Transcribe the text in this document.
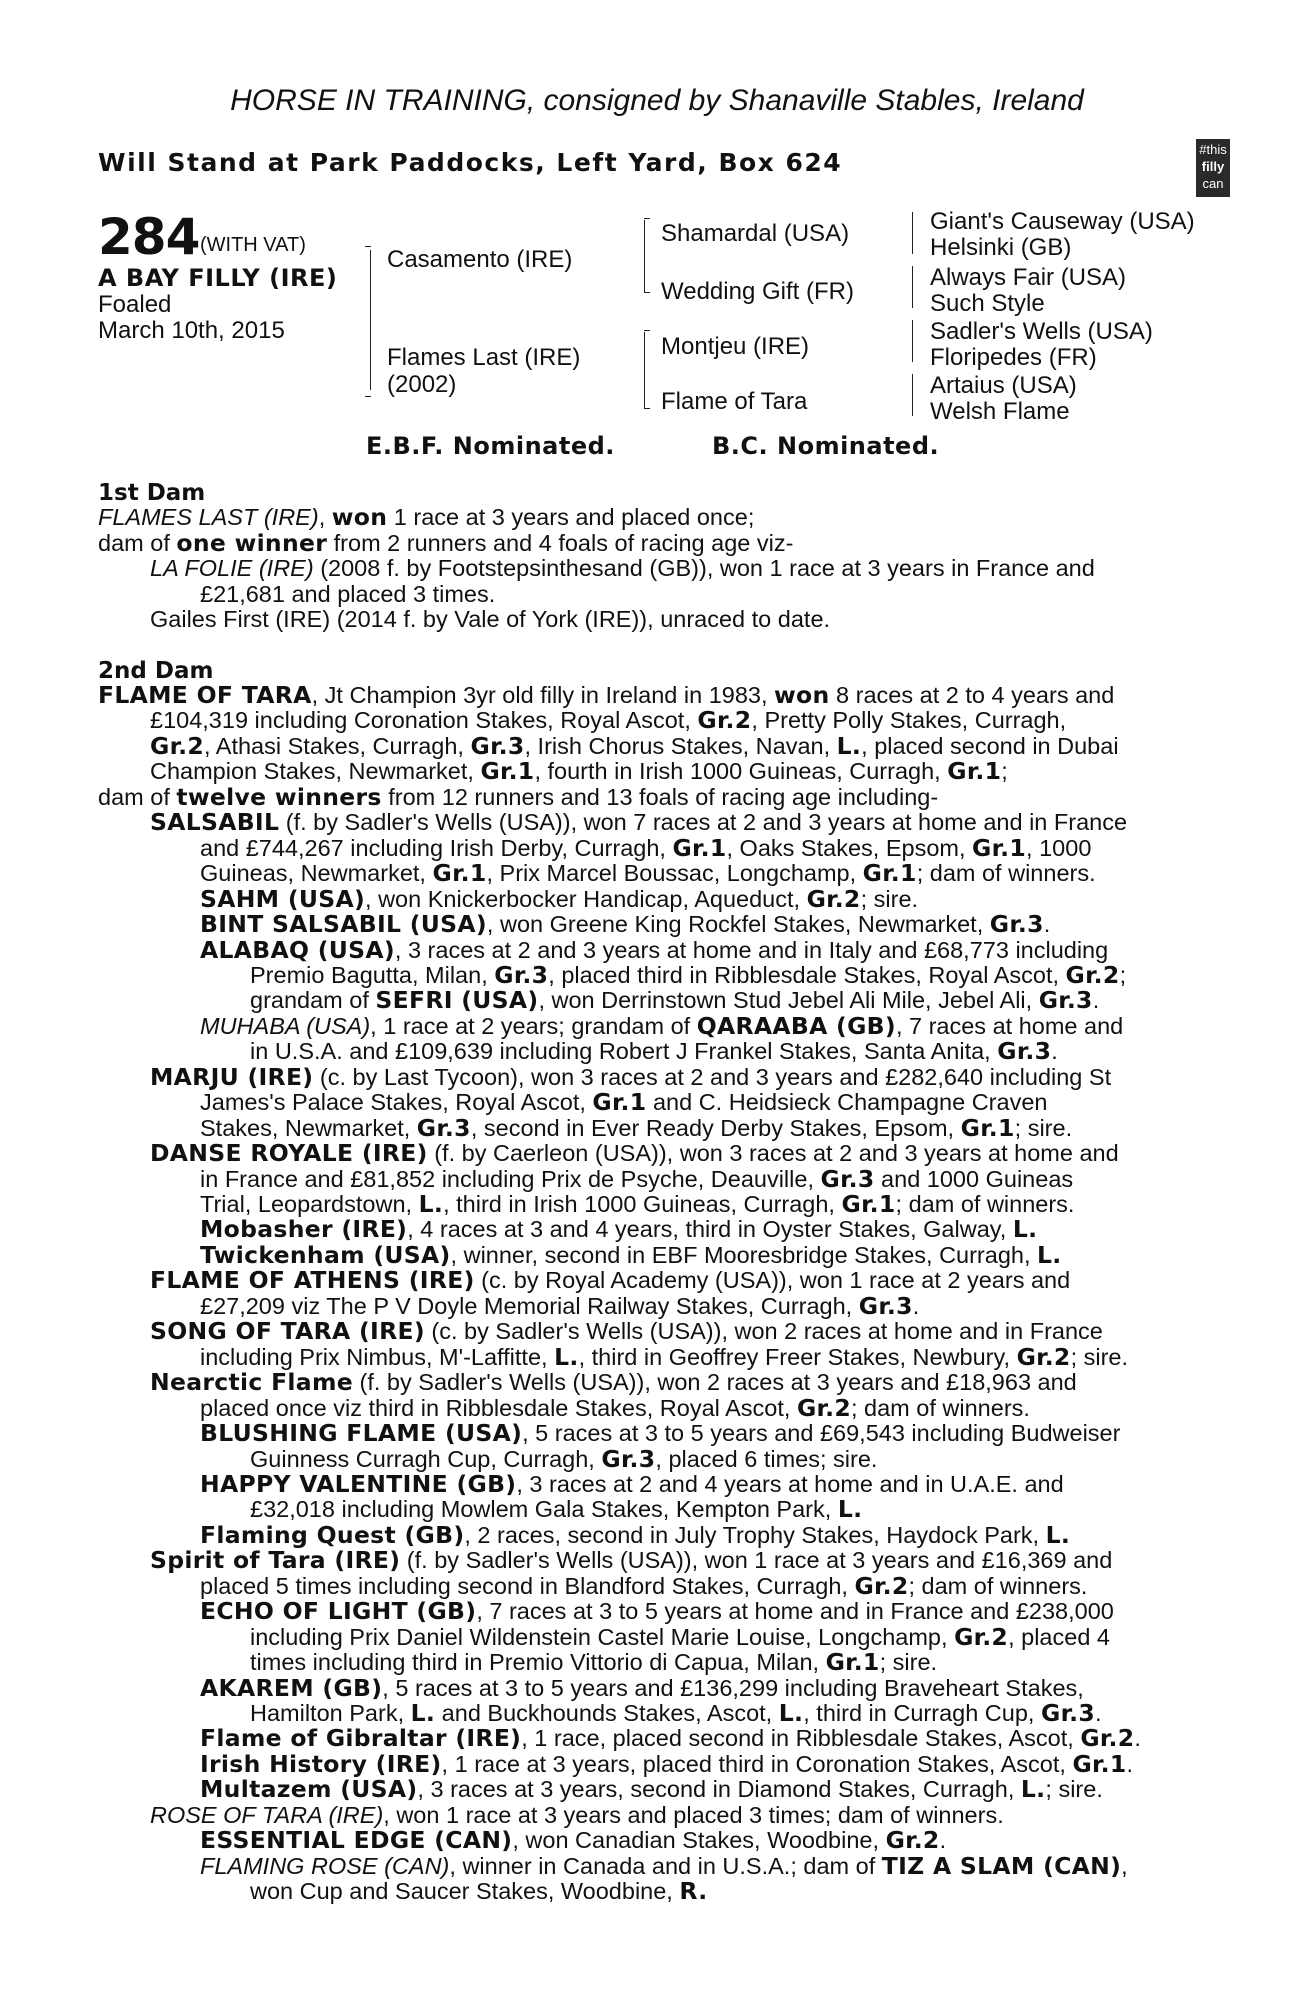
HORSE IN TRAINING, consigned by Shanaville Stables, Ireland
Will Stand at Park Paddocks, Left Yard, Box 624	#this
filly
can
284 (WITH VAT)
A BAY FILLY (IRE)
Foaled
March 10th, 2015
Casamento (IRE)
Flames Last (IRE)
(2002)
Shamardal (USA)
Wedding Gift (FR)
Montjeu (IRE)
Flame of Tara
Giant's Causeway (USA)
Helsinki (GB)
Always Fair (USA)
Such Style
Sadler's Wells (USA)
Floripedes (FR)
Artaius (USA)
Welsh Flame
E.B.F. Nominated.	B.C. Nominated.
1st Dam
FLAMES LAST (IRE), won 1 race at 3 years and placed once;
dam of one winner from 2 runners and 4 foals of racing age viz-
LA FOLIE (IRE) (2008 f. by Footstepsinthesand (GB)), won 1 race at 3 years in France and
£21,681 and placed 3 times.
Gailes First (IRE) (2014 f. by Vale of York (IRE)), unraced to date.
2nd Dam
FLAME OF TARA, Jt Champion 3yr old filly in Ireland in 1983, won 8 races at 2 to 4 years and
£104,319 including Coronation Stakes, Royal Ascot, Gr.2, Pretty Polly Stakes, Curragh,
Gr.2, Athasi Stakes, Curragh, Gr.3, Irish Chorus Stakes, Navan, L., placed second in Dubai
Champion Stakes, Newmarket, Gr.1, fourth in Irish 1000 Guineas, Curragh, Gr.1;
dam of twelve winners from 12 runners and 13 foals of racing age including-
SALSABIL (f. by Sadler's Wells (USA)), won 7 races at 2 and 3 years at home and in France
and £744,267 including Irish Derby, Curragh, Gr.1, Oaks Stakes, Epsom, Gr.1, 1000
Guineas, Newmarket, Gr.1, Prix Marcel Boussac, Longchamp, Gr.1; dam of winners.
SAHM (USA), won Knickerbocker Handicap, Aqueduct, Gr.2; sire.
BINT SALSABIL (USA), won Greene King Rockfel Stakes, Newmarket, Gr.3.
ALABAQ (USA), 3 races at 2 and 3 years at home and in Italy and £68,773 including
Premio Bagutta, Milan, Gr.3, placed third in Ribblesdale Stakes, Royal Ascot, Gr.2;
grandam of SEFRI (USA), won Derrinstown Stud Jebel Ali Mile, Jebel Ali, Gr.3.
MUHABA (USA), 1 race at 2 years; grandam of QARAABA (GB), 7 races at home and
in U.S.A. and £109,639 including Robert J Frankel Stakes, Santa Anita, Gr.3.
MARJU (IRE) (c. by Last Tycoon), won 3 races at 2 and 3 years and £282,640 including St
James's Palace Stakes, Royal Ascot, Gr.1 and C. Heidsieck Champagne Craven
Stakes, Newmarket, Gr.3, second in Ever Ready Derby Stakes, Epsom, Gr.1; sire.
DANSE ROYALE (IRE) (f. by Caerleon (USA)), won 3 races at 2 and 3 years at home and
in France and £81,852 including Prix de Psyche, Deauville, Gr.3 and 1000 Guineas
Trial, Leopardstown, L., third in Irish 1000 Guineas, Curragh, Gr.1; dam of winners.
Mobasher (IRE), 4 races at 3 and 4 years, third in Oyster Stakes, Galway, L.
Twickenham (USA), winner, second in EBF Mooresbridge Stakes, Curragh, L.
FLAME OF ATHENS (IRE) (c. by Royal Academy (USA)), won 1 race at 2 years and
£27,209 viz The P V Doyle Memorial Railway Stakes, Curragh, Gr.3.
SONG OF TARA (IRE) (c. by Sadler's Wells (USA)), won 2 races at home and in France
including Prix Nimbus, M'-Laffitte, L., third in Geoffrey Freer Stakes, Newbury, Gr.2; sire.
Nearctic Flame (f. by Sadler's Wells (USA)), won 2 races at 3 years and £18,963 and
placed once viz third in Ribblesdale Stakes, Royal Ascot, Gr.2; dam of winners.
BLUSHING FLAME (USA), 5 races at 3 to 5 years and £69,543 including Budweiser
Guinness Curragh Cup, Curragh, Gr.3, placed 6 times; sire.
HAPPY VALENTINE (GB), 3 races at 2 and 4 years at home and in U.A.E. and
£32,018 including Mowlem Gala Stakes, Kempton Park, L.
Flaming Quest (GB), 2 races, second in July Trophy Stakes, Haydock Park, L.
Spirit of Tara (IRE) (f. by Sadler's Wells (USA)), won 1 race at 3 years and £16,369 and
placed 5 times including second in Blandford Stakes, Curragh, Gr.2; dam of winners.
ECHO OF LIGHT (GB), 7 races at 3 to 5 years at home and in France and £238,000
including Prix Daniel Wildenstein Castel Marie Louise, Longchamp, Gr.2, placed 4
times including third in Premio Vittorio di Capua, Milan, Gr.1; sire.
AKAREM (GB), 5 races at 3 to 5 years and £136,299 including Braveheart Stakes,
Hamilton Park, L. and Buckhounds Stakes, Ascot, L., third in Curragh Cup, Gr.3.
Flame of Gibraltar (IRE), 1 race, placed second in Ribblesdale Stakes, Ascot, Gr.2.
Irish History (IRE), 1 race at 3 years, placed third in Coronation Stakes, Ascot, Gr.1.
Multazem (USA), 3 races at 3 years, second in Diamond Stakes, Curragh, L.; sire.
ROSE OF TARA (IRE), won 1 race at 3 years and placed 3 times; dam of winners.
ESSENTIAL EDGE (CAN), won Canadian Stakes, Woodbine, Gr.2.
FLAMING ROSE (CAN), winner in Canada and in U.S.A.; dam of TIZ A SLAM (CAN),
won Cup and Saucer Stakes, Woodbine, R.
